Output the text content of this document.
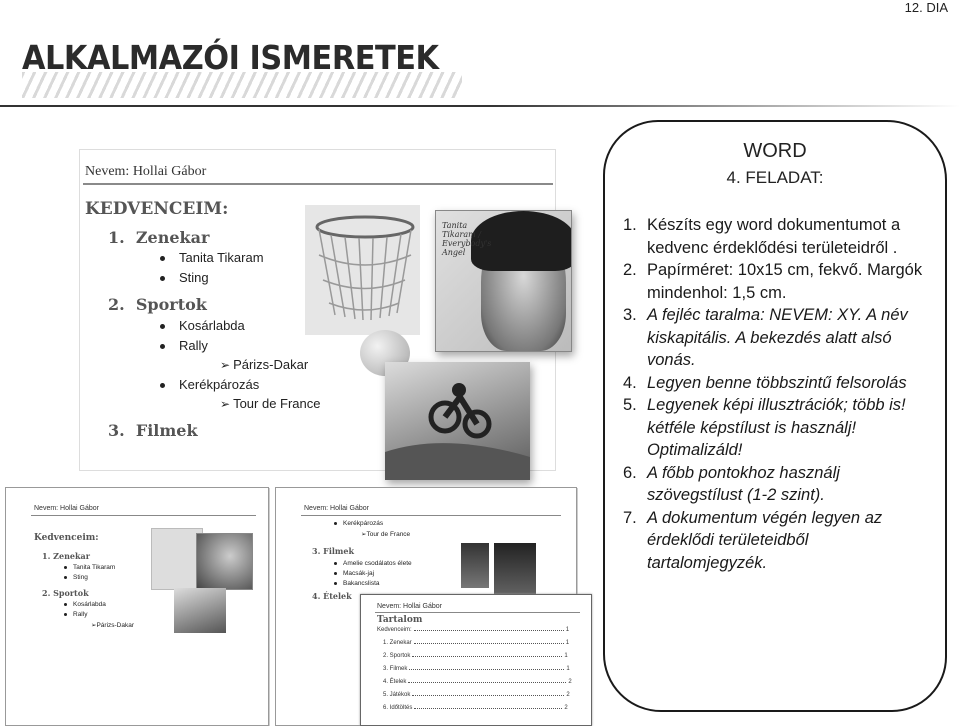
12. DIA
ALKALMAZÓI ISMERETEK
Nevem: Hollai Gábor
KEDVENCEIM:
1. Zenekar
Tanita Tikaram
Sting
2. Sportok
Kosárlabda
Rally
➢ Párizs-Dakar
Kerékpározás
➢ Tour de France
3. Filmek
Tanita Tikaram / Everybody's Angel
Nevem: Hollai Gábor
Kedvenceim:
1. Zenekar
Tanita Tikaram
Sting
2. Sportok
Kosárlabda
Rally
➢Párizs-Dakar
Nevem: Hollai Gábor
Kerékpározás
➢Tour de France
3. Filmek
Amelie csodálatos élete
Macsák-jaj
Bakancslista
4. Ételek
Nevem: Hollai Gábor
Tartalom
Kedvenceim:	1
1. Zenekar	1
2. Sportok	1
3. Filmek	1
4. Ételek	2
5. Játékok	2
6. Időtöltés	2
WORD
4. FELADAT:
1. Készíts egy word dokumentumot a kedvenc érdeklődési területeidről .
2. Papírméret: 10x15 cm, fekvő. Margók mindenhol: 1,5 cm.
3. A fejléc taralma: NEVEM: XY. A név kiskapitális. A bekezdés alatt alsó vonás.
4. Legyen benne többszintű felsorolás
5. Legyenek képi illusztrációk; több is! kétféle képstílust is használj! Optimalizáld!
6. A főbb pontokhoz használj szövegstílust (1-2 szint).
7. A dokumentum végén legyen az érdeklődi területeidből tartalomjegyzék.
